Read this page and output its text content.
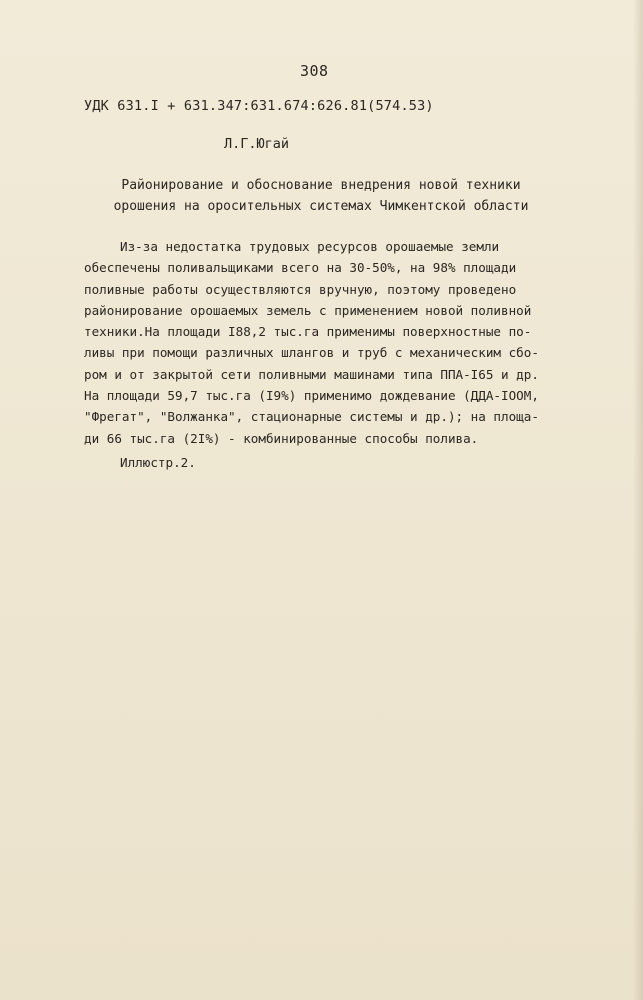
308
УДК 631.I + 631.347:631.674:626.81(574.53)
Л.Г.Югай
Районирование и обоснование внедрения новой техники
орошения на оросительных системах Чимкентской области
Из-за недостатка трудовых ресурсов орошаемые земли
обеспечены поливальщиками всего на 30-50%, на 98% площади
поливные работы осуществляются вручную, поэтому проведено
районирование орошаемых земель с применением новой поливной
техники.На площади I88,2 тыс.га применимы поверхностные по-
ливы при помощи различных шлангов и труб с механическим сбо-
ром и от закрытой сети поливными машинами типа ППА-I65 и др.
На площади 59,7 тыс.га (I9%) применимо дождевание (ДДА-IOOM,
"Фрегат", "Волжанка", стационарные системы и др.); на площа-
ди 66 тыс.га (2I%) - комбинированные способы полива.
Иллюстр.2.
